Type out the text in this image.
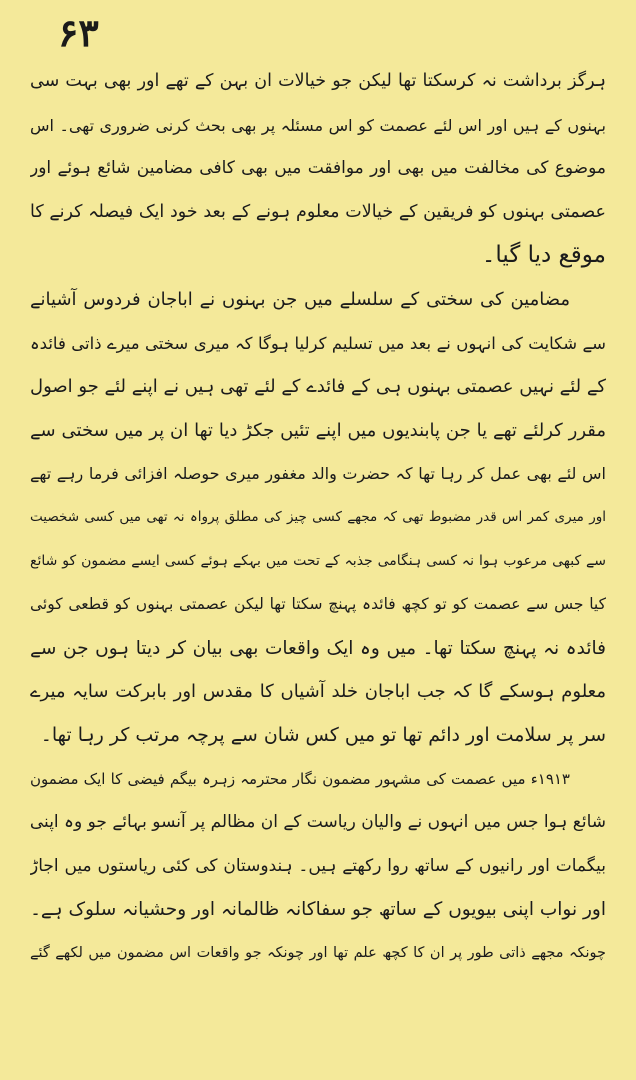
۶۳
ہرگز برداشت نہ کرسکتا تھا لیکن جو خیالات ان بہن کے تھے اور بھی بہت سی
بہنوں کے ہیں اور اس لئے عصمت کو اس مسئلہ پر بھی بحث کرنی ضروری تھی۔ اس
موضوع کی مخالفت میں بھی اور موافقت میں بھی کافی مضامین شائع ہوئے اور
عصمتی بہنوں کو فریقین کے خیالات معلوم ہونے کے بعد خود ایک فیصلہ کرنے کا
موقع دیا گیا۔
مضامین کی سختی کے سلسلے میں جن بہنوں نے اباجان فردوس آشیانے
سے شکایت کی انہوں نے بعد میں تسلیم کرلیا ہوگا کہ میری سختی میرے ذاتی فائدہ
کے لئے نہیں عصمتی بہنوں ہی کے فائدے کے لئے تھی ہیں نے اپنے لئے جو اصول
مقرر کرلئے تھے یا جن پابندیوں میں اپنے تئیں جکڑ دیا تھا ان پر میں سختی سے
اس لئے بھی عمل کر رہا تھا کہ حضرت والد مغفور میری حوصلہ افزائی فرما رہے تھے
اور میری کمر اس قدر مضبوط تھی کہ مجھے کسی چیز کی مطلق پرواہ نہ تھی میں کسی شخصیت
سے کبھی مرعوب ہوا نہ کسی ہنگامی جذبہ کے تحت میں بہکے ہوئے کسی ایسے مضمون کو شائع
کیا جس سے عصمت کو تو کچھ فائدہ پہنچ سکتا تھا لیکن عصمتی بہنوں کو قطعی کوئی
فائدہ نہ پہنچ سکتا تھا۔ میں وہ ایک واقعات بھی بیان کر دیتا ہوں جن سے
معلوم ہوسکے گا کہ جب اباجان خلد آشیاں کا مقدس اور بابرکت سایہ میرے
سر پر سلامت اور دائم تھا تو میں کس شان سے پرچہ مرتب کر رہا تھا۔
۱۹۱۳ء میں عصمت کی مشہور مضمون نگار محترمہ زہرہ بیگم فیضی کا ایک مضمون
شائع ہوا جس میں انہوں نے والیان ریاست کے ان مظالم پر آنسو بہائے جو وہ اپنی
بیگمات اور رانیوں کے ساتھ روا رکھتے ہیں۔ ہندوستان کی کئی ریاستوں میں اجاڑ
اور نواب اپنی بیویوں کے ساتھ جو سفاکانہ ظالمانہ اور وحشیانہ سلوک ہے۔
چونکہ مجھے ذاتی طور پر ان کا کچھ علم تھا اور چونکہ جو واقعات اس مضمون میں لکھے گئے
